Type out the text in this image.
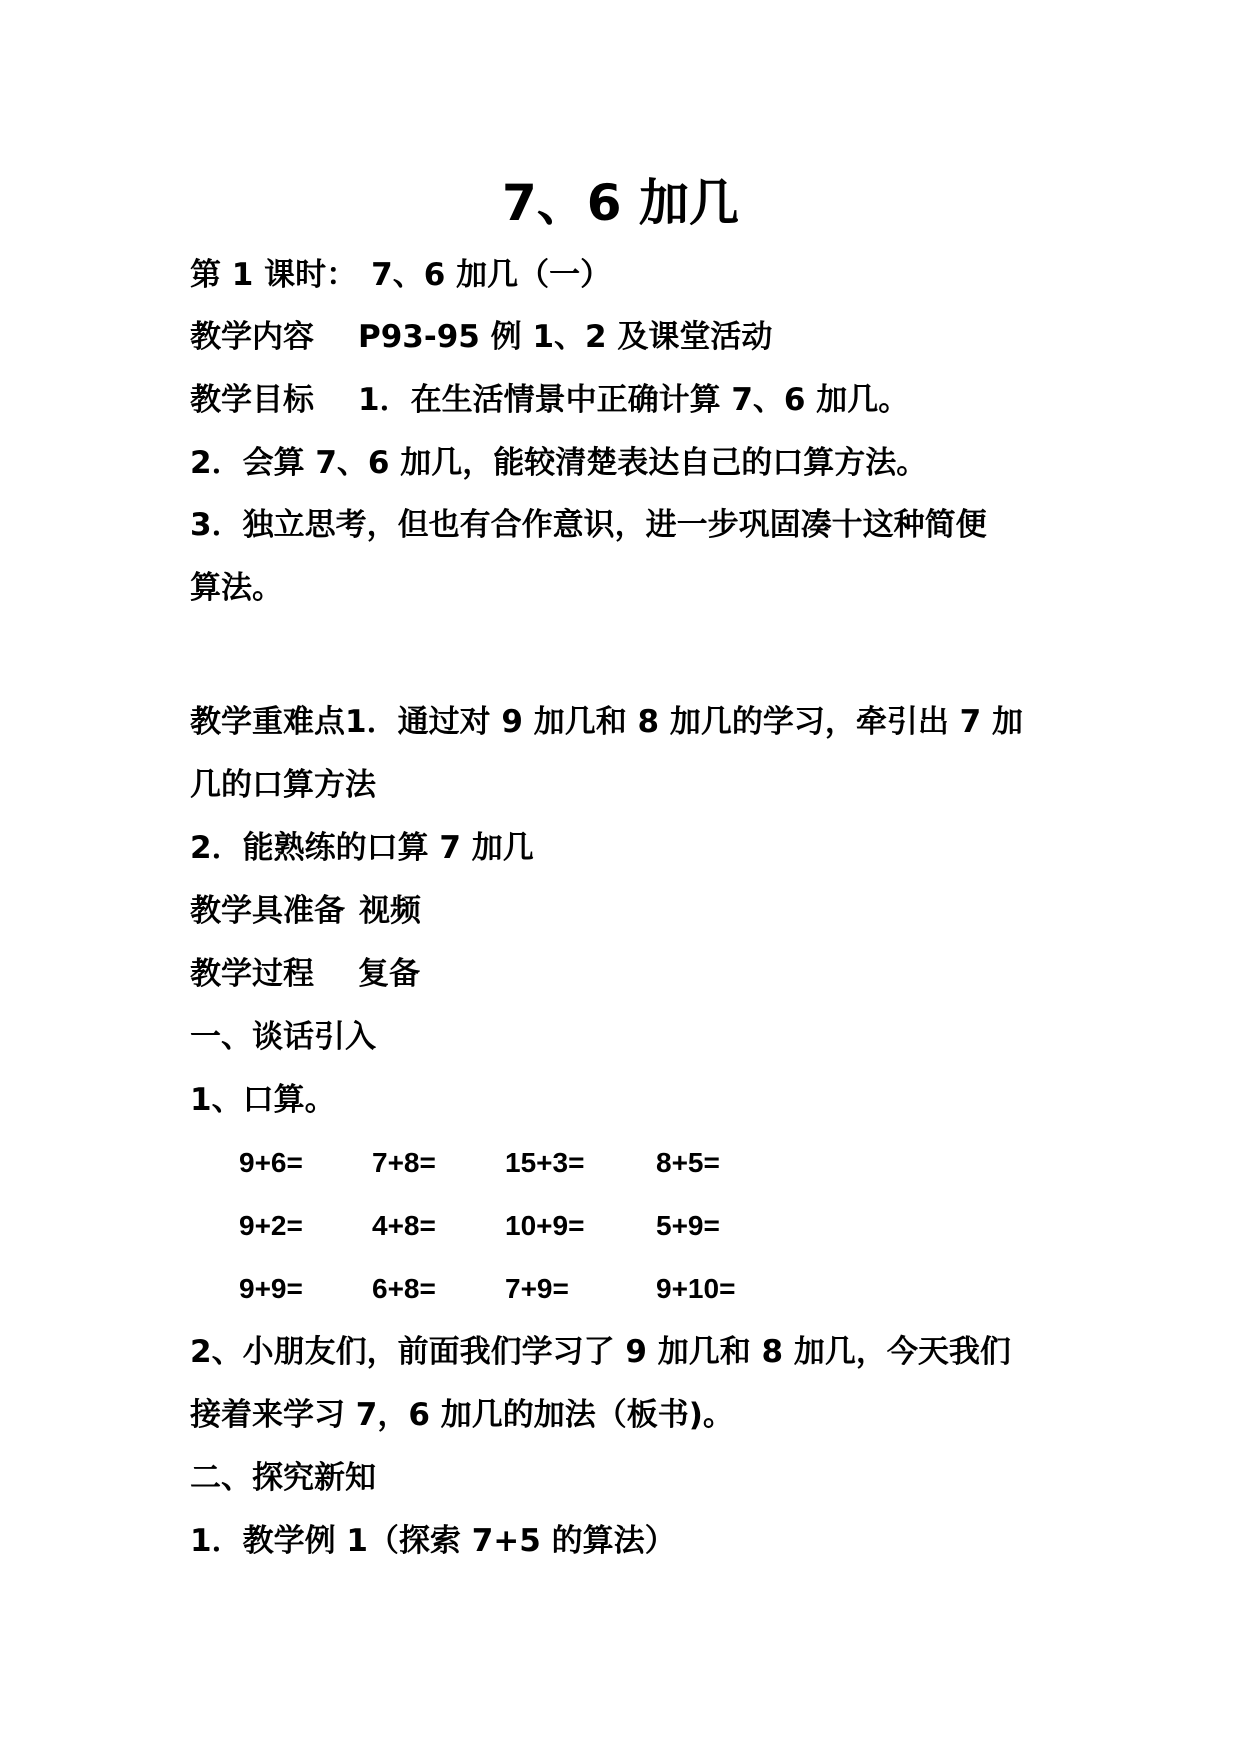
7、6 加几
第 1 课时： 7、6 加几（一）
教学内容 P93-95 例 1、2 及课堂活动
教学目标 1．在生活情景中正确计算 7、6 加几。
2．会算 7、6 加几，能较清楚表达自己的口算方法。
3．独立思考，但也有合作意识，进一步巩固凑十这种简便
算法。
教学重难点1．通过对 9 加几和 8 加几的学习，牵引出 7 加
几的口算方法
2．能熟练的口算 7 加几
教学具准备 视频
教学过程 复备
一、谈话引入
1、口算。
9+6= 7+8= 15+3=	8+5=
9+2= 4+8= 10+9=	5+9=
9+9= 6+8= 7+9=	9+10=
2、小朋友们，前面我们学习了 9 加几和 8 加几，今天我们
接着来学习 7，6 加几的加法（板书)。
二、探究新知
1．教学例 1（探索 7+5 的算法）
